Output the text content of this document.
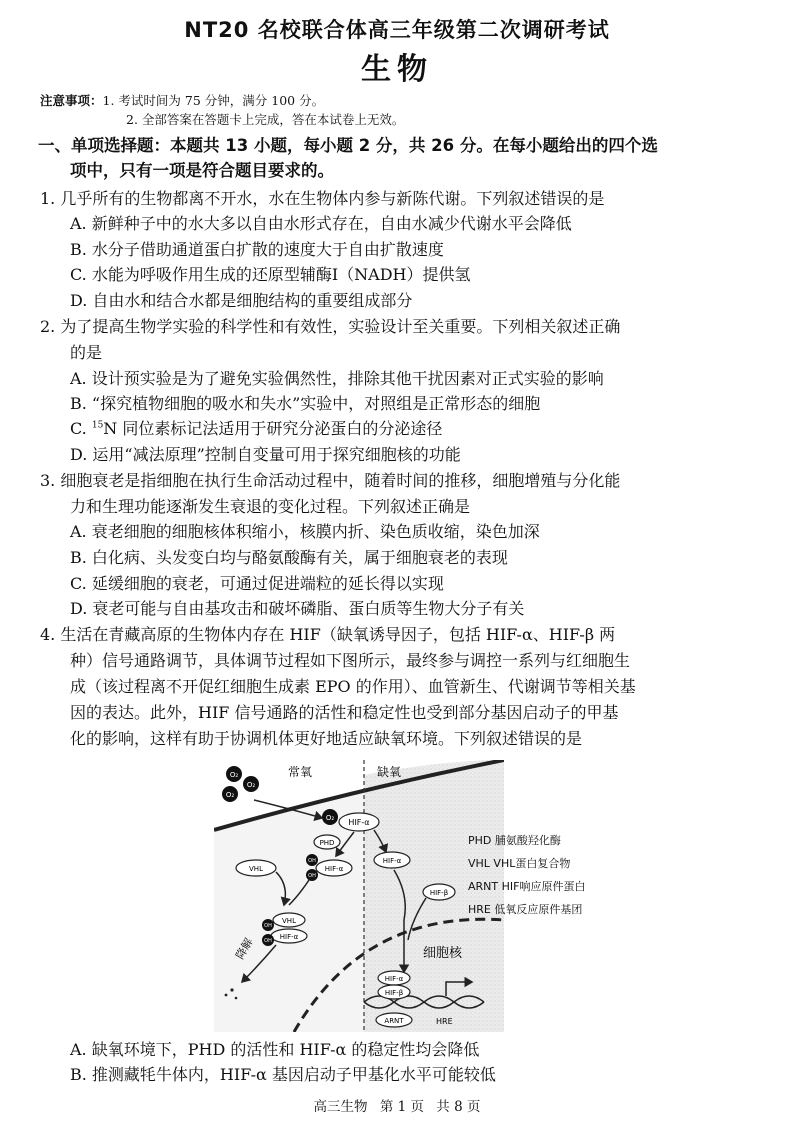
NT20 名校联合体高三年级第二次调研考试
生物
注意事项：1. 考试时间为 75 分钟，满分 100 分。
2. 全部答案在答题卡上完成，答在本试卷上无效。
一、单项选择题：本题共 13 小题，每小题 2 分，共 26 分。在每小题给出的四个选
项中，只有一项是符合题目要求的。
1. 几乎所有的生物都离不开水，水在生物体内参与新陈代谢。下列叙述错误的是
A. 新鲜种子中的水大多以自由水形式存在，自由水减少代谢水平会降低
B. 水分子借助通道蛋白扩散的速度大于自由扩散速度
C. 水能为呼吸作用生成的还原型辅酶Ⅰ（NADH）提供氢
D. 自由水和结合水都是细胞结构的重要组成部分
2. 为了提高生物学实验的科学性和有效性，实验设计至关重要。下列相关叙述正确
的是
A. 设计预实验是为了避免实验偶然性，排除其他干扰因素对正式实验的影响
B. “探究植物细胞的吸水和失水”实验中，对照组是正常形态的细胞
C. $^{15}$N 同位素标记法适用于研究分泌蛋白的分泌途径
D. 运用“减法原理”控制自变量可用于探究细胞核的功能
3. 细胞衰老是指细胞在执行生命活动过程中，随着时间的推移，细胞增殖与分化能
力和生理功能逐渐发生衰退的变化过程。下列叙述正确是
A. 衰老细胞的细胞核体积缩小，核膜内折、染色质收缩，染色加深
B. 白化病、头发变白均与酪氨酸酶有关，属于细胞衰老的表现
C. 延缓细胞的衰老，可通过促进端粒的延长得以实现
D. 衰老可能与自由基攻击和破坏磷脂、蛋白质等生物大分子有关
4. 生活在青藏高原的生物体内存在 HIF（缺氧诱导因子，包括 HIF-α、HIF-β 两
种）信号通路调节，具体调节过程如下图所示，最终参与调控一系列与红细胞生
成（该过程离不开促红细胞生成素 EPO 的作用）、血管新生、代谢调节等相关基
因的表达。此外，HIF 信号通路的活性和稳定性也受到部分基因启动子的甲基
化的影响，这样有助于协调机体更好地适应缺氧环境。下列叙述错误的是
O₂
O₂
O₂
O₂
常氧	缺氧
HIF-α
PHD
HIF-α
OH
OH
VHL
VHL
HIF-α
OH
OH
降解
HIF-α
HIF-β
细胞核
HIF-α
HIF-β
ARNT	HRE
PHD 脯氨酸羟化酶
VHL VHL蛋白复合物
ARNT HIF响应原件蛋白
HRE 低氧反应原件基团
A. 缺氧环境下，PHD 的活性和 HIF-α 的稳定性均会降低
B. 推测藏牦牛体内，HIF-α 基因启动子甲基化水平可能较低
高三生物 第 1 页 共 8 页
